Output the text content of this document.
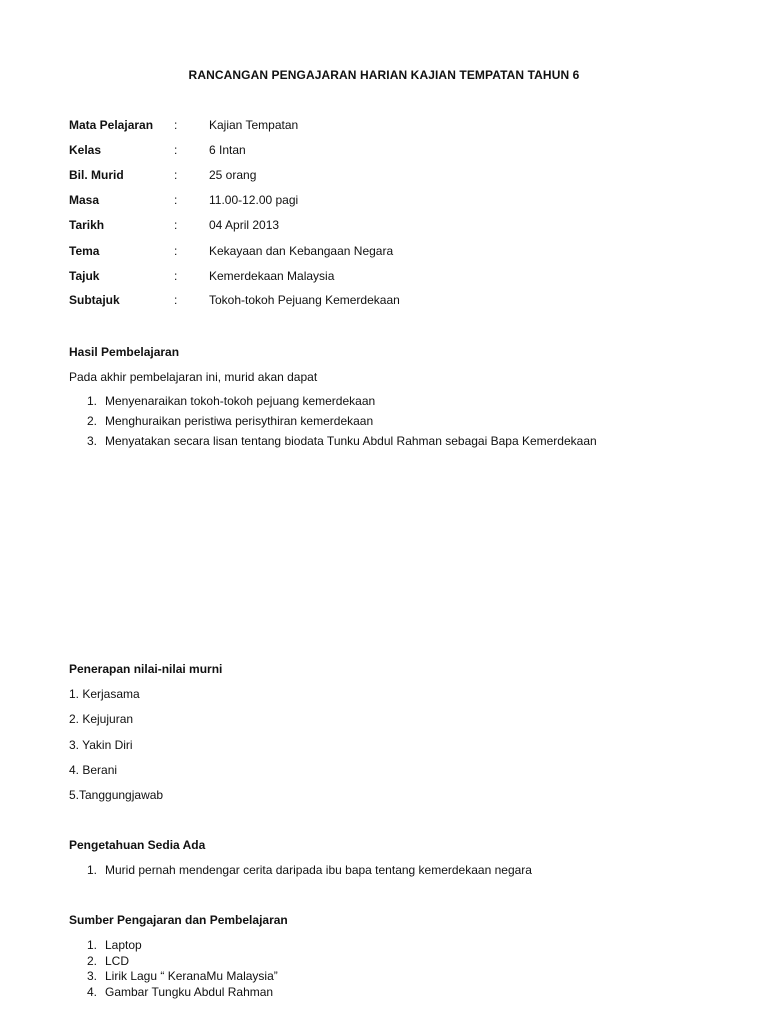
RANCANGAN PENGAJARAN HARIAN KAJIAN TEMPATAN TAHUN 6
Mata Pelajaran :	Kajian Tempatan
Kelas	:	6 Intan
Bil. Murid	:	25 orang
Masa	:	11.00-12.00 pagi
Tarikh	:	04 April 2013
Tema	:	Kekayaan dan Kebangaan Negara
Tajuk	:	Kemerdekaan Malaysia
Subtajuk	:	Tokoh-tokoh Pejuang Kemerdekaan
Hasil Pembelajaran
Pada akhir pembelajaran ini, murid akan dapat
1. Menyenaraikan tokoh-tokoh pejuang kemerdekaan
2. Menghuraikan peristiwa perisythiran kemerdekaan
3. Menyatakan secara lisan tentang biodata Tunku Abdul Rahman sebagai Bapa Kemerdekaan
Penerapan nilai-nilai murni
1. Kerjasama
2. Kejujuran
3. Yakin Diri
4. Berani
5.Tanggungjawab
Pengetahuan Sedia Ada
1. Murid pernah mendengar cerita daripada ibu bapa tentang kemerdekaan negara
Sumber Pengajaran dan Pembelajaran
1. Laptop
2. LCD
3. Lirik Lagu “ KeranaMu Malaysia”
4. Gambar Tungku Abdul Rahman
